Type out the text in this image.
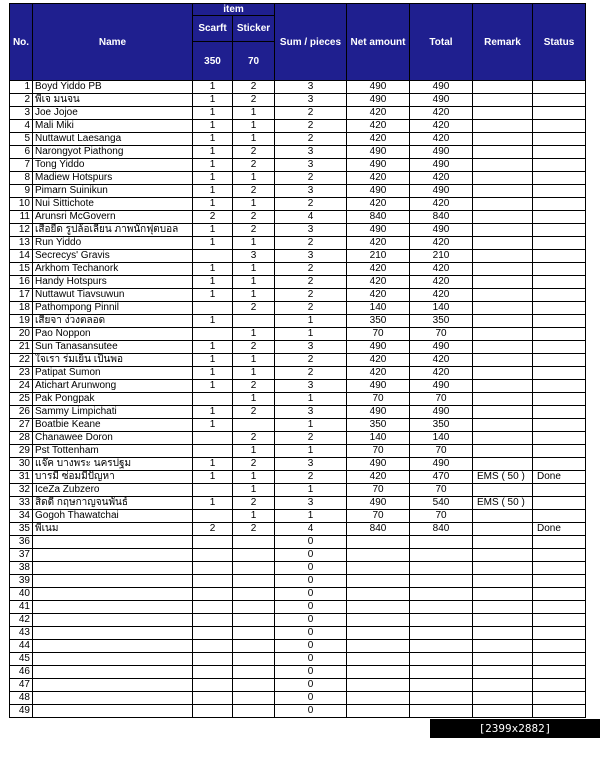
No.	Name	item		Sum / pieces	Net amount	Total	Remark	Status
		Scarft	Sticker					
		350	70					
1	Boyd Yiddo PB	1	2	3	490	490		
2	พีเจ มนจน	1	2	3	490	490		
3	Joe Jojoe	1	1	2	420	420		
4	Mali Miki	1	1	2	420	420		
5	Nuttawut Laesanga	1	1	2	420	420		
6	Narongyot Piathong	1	2	3	490	490		
7	Tong Yiddo	1	2	3	490	490		
8	Madiew Hotspurs	1	1	2	420	420		
9	Pimarn Suinikun	1	2	3	490	490		
10	Nui Sittichote	1	1	2	420	420		
11	Arunsri McGovern	2	2	4	840	840		
12	เสื้อยืด รูปล้อเลียน ภาพนักฟุตบอล	1	2	3	490	490		
13	Run Yiddo	1	1	2	420	420		
14	Secrecys' Gravis		3	3	210	210		
15	Arkhom Techanork	1	1	2	420	420		
16	Handy Hotspurs	1	1	2	420	420		
17	Nuttawut Tiavsuwun	1	1	2	420	420		
18	Pathompong Pinnil		2	2	140	140		
19	เสียจา ง่วงตลอด	1		1	350	350		
20	Pao Noppon		1	1	70	70		
21	Sun Tanasansutee	1	2	3	490	490		
22	ใจเรา ร่มเย็น เป็นพอ	1	1	2	420	420		
23	Patipat Sumon	1	1	2	420	420		
24	Atichart Arunwong	1	2	3	490	490		
25	Pak Pongpak		1	1	70	70		
26	Sammy Limpichati	1	2	3	490	490		
27	Boatbie Keane	1		1	350	350		
28	Chanawee Doron		2	2	140	140		
29	Pst Tottenham		1	1	70	70		
30	แจ๊ค บางพระ นครปฐม	1	2	3	490	490		
31	บารมี ซ่อมมีปัญหา	1	1	2	420	470	EMS ( 50 )	Done
32	IceZa Zubzero		1	1	70	70		
33	สิดดี กฤษกาญจนพันธ์	1	2	3	490	540	EMS ( 50 )	
34	Gogoh Thawatchai		1	1	70	70		
35	พี่เนม	2	2	4	840	840		Done
36				0				
37				0				
38				0				
39				0				
40				0				
41				0				
42				0				
43				0				
44				0				
45				0				
46				0				
47				0				
48				0				
49				0				
[2399x2882] https://upic.me/
